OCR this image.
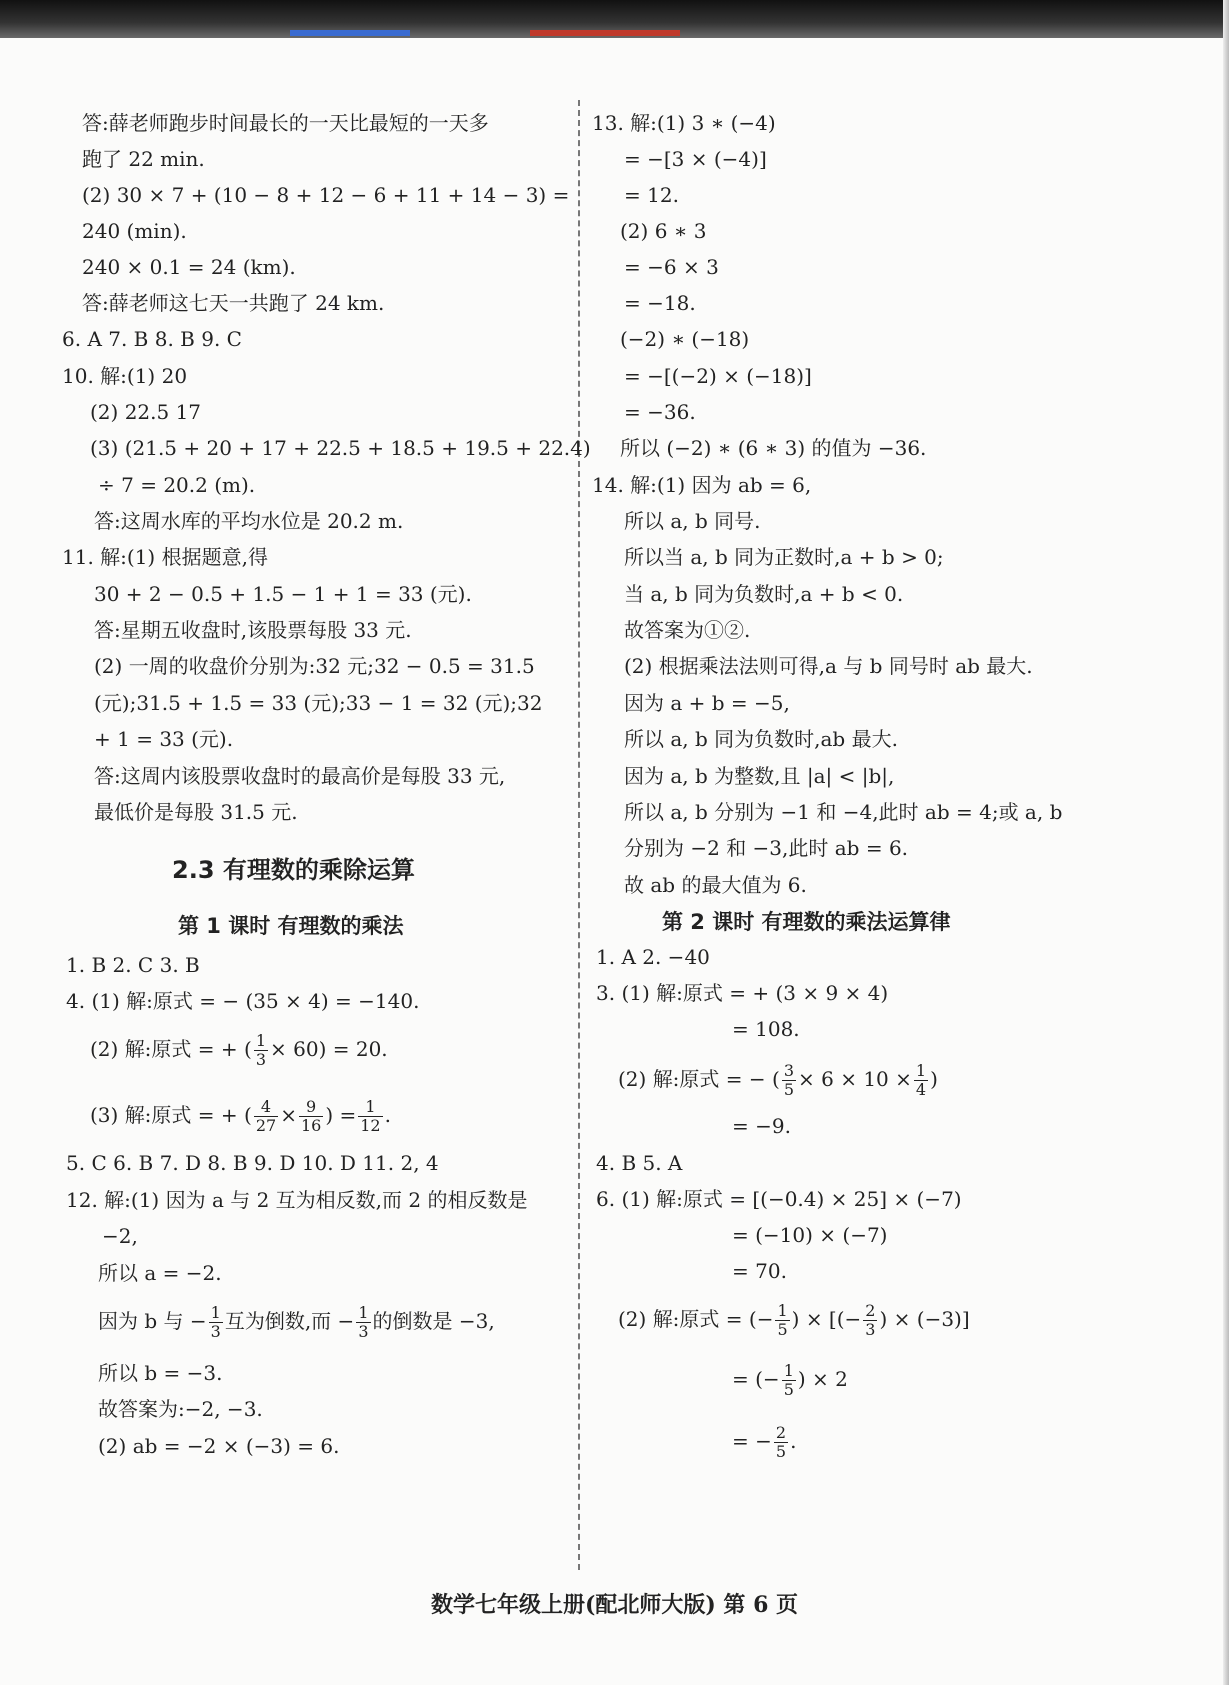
答:薛老师跑步时间最长的一天比最短的一天多
跑了 22 min.
(2) 30 × 7 + (10 − 8 + 12 − 6 + 11 + 14 − 3) =
240 (min).
240 × 0.1 = 24 (km).
答:薛老师这七天一共跑了 24 km.
6. A 7. B 8. B 9. C
10. 解:(1) 20
(2) 22.5 17
(3) (21.5 + 20 + 17 + 22.5 + 18.5 + 19.5 + 22.4)
÷ 7 = 20.2 (m).
答:这周水库的平均水位是 20.2 m.
11. 解:(1) 根据题意,得
30 + 2 − 0.5 + 1.5 − 1 + 1 = 33 (元).
答:星期五收盘时,该股票每股 33 元.
(2) 一周的收盘价分别为:32 元;32 − 0.5 = 31.5
(元);31.5 + 1.5 = 33 (元);33 − 1 = 32 (元);32
+ 1 = 33 (元).
答:这周内该股票收盘时的最高价是每股 33 元,
最低价是每股 31.5 元.
2.3 有理数的乘除运算
第 1 课时 有理数的乘法
1. B 2. C 3. B
4. (1) 解:原式 = − (35 × 4) = −140.
(2) 解:原式 = + ( $\frac{1}{3} \times 60) = 20$.
(3) 解:原式 = + ( $\frac{4}{27} \times \frac{9}{16}$ ) = $\frac{1}{12}$ .
5. C 6. B 7. D 8. B 9. D 10. D 11. 2, 4
12. 解:(1) 因为 a 与 2 互为相反数,而 2 的相反数是
−2,
所以 a = −2.
因为 b 与 − $\frac{1}{3}$ 互为倒数,而 − $\frac{1}{3}$ 的倒数是 −3,
所以 b = −3.
故答案为:−2, −3.
(2) ab = −2 × (−3) = 6.
13. 解:(1) 3 ∗ (−4)
= −[3 × (−4)]
= 12.
(2) 6 ∗ 3
= −6 × 3
= −18.
(−2) ∗ (−18)
= −[(−2) × (−18)]
= −36.
所以 (−2) ∗ (6 ∗ 3) 的值为 −36.
14. 解:(1) 因为 ab = 6,
所以 a, b 同号.
所以当 a, b 同为正数时,a + b > 0;
当 a, b 同为负数时,a + b < 0.
故答案为①②.
(2) 根据乘法法则可得,a 与 b 同号时 ab 最大.
因为 a + b = −5,
所以 a, b 同为负数时,ab 最大.
因为 a, b 为整数,且 |a| < |b|,
所以 a, b 分别为 −1 和 −4,此时 ab = 4;或 a, b
分别为 −2 和 −3,此时 ab = 6.
故 ab 的最大值为 6.
第 2 课时 有理数的乘法运算律
1. A 2. −40
3. (1) 解:原式 = + (3 × 9 × 4)
= 108.
(2) 解:原式 = − ( $\frac{3}{5} \times 6 \times 10 \times \frac{1}{4}$ )
= −9.
4. B 5. A
6. (1) 解:原式 = [(−0.4) × 25] × (−7)
= (−10) × (−7)
= 70.
(2) 解:原式 = (− $\frac{1}{5}$ ) × [(− $\frac{2}{3}$ ) × (−3)]
= (− $\frac{1}{5}$ ) × 2
= − $\frac{2}{5}$ .
数学七年级上册(配北师大版) 第 6 页
